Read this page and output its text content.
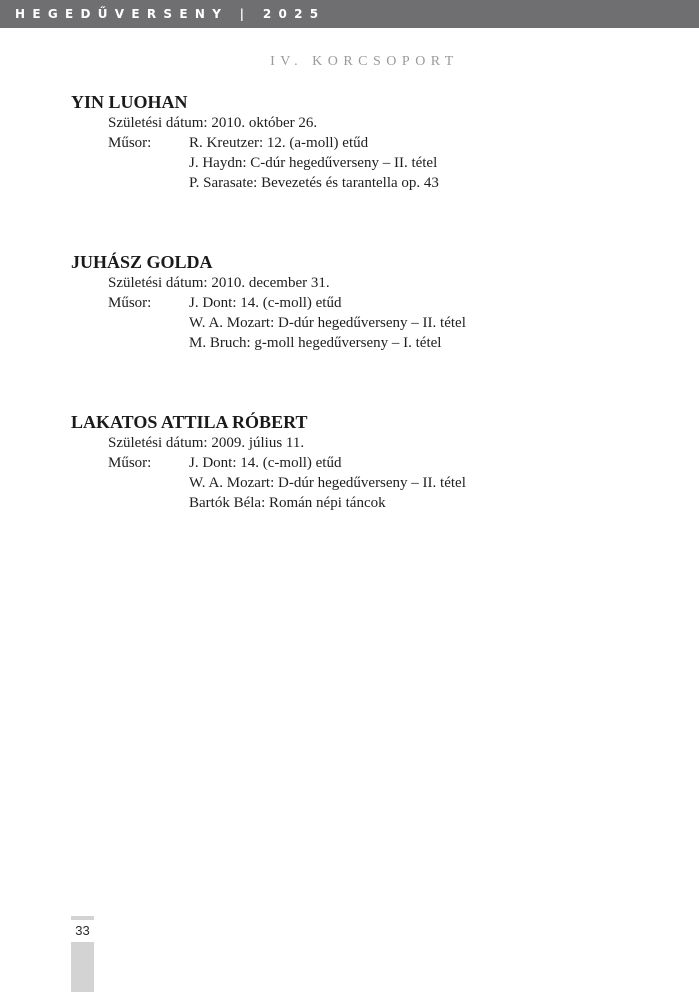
HEGEDŰVERSENY | 2025
IV. KORCSOPORT
YIN LUOHAN
Születési dátum: 2010. október 26.
Műsor:	R. Kreutzer: 12. (a-moll) etűd
J. Haydn: C-dúr hegedűverseny – II. tétel
P. Sarasate: Bevezetés és tarantella op. 43
JUHÁSZ GOLDA
Születési dátum: 2010. december 31.
Műsor:	J. Dont: 14. (c-moll) etűd
W. A. Mozart: D-dúr hegedűverseny – II. tétel
M. Bruch: g-moll hegedűverseny – I. tétel
LAKATOS ATTILA RÓBERT
Születési dátum: 2009. július 11.
Műsor:	J. Dont: 14. (c-moll) etűd
W. A. Mozart: D-dúr hegedűverseny – II. tétel
Bartók Béla: Román népi táncok
33
